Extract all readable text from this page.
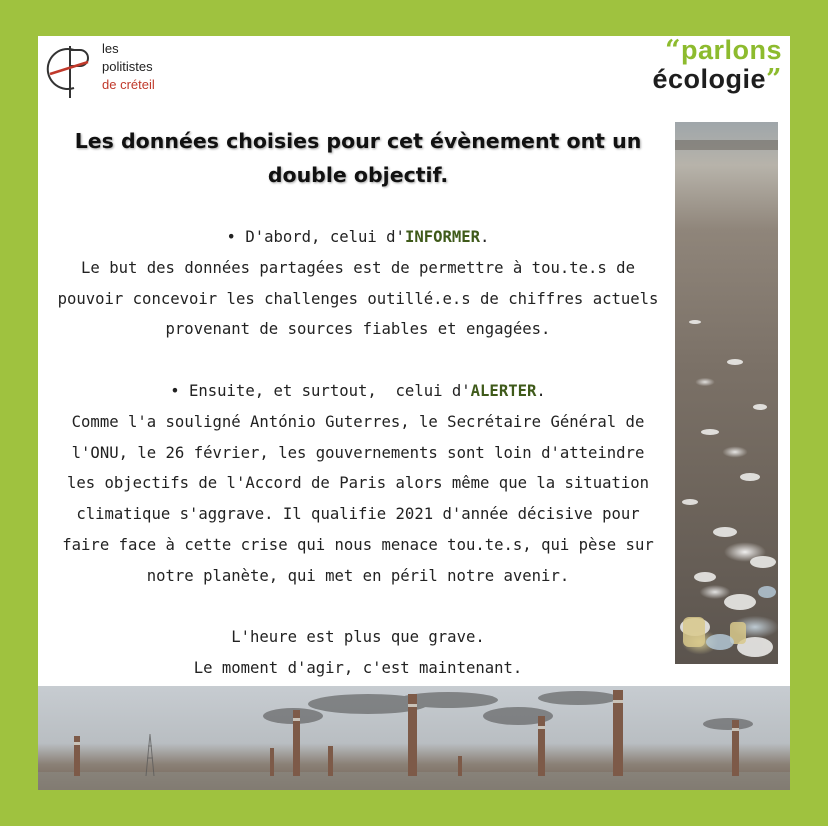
les
politistes
de créteil
“parlons
écologie”
Les données choisies pour cet évènement ont un
double objectif.

• D'abord, celui d'INFORMER.

Le but des données partagées est de permettre à tou.te.s de

pouvoir concevoir les challenges outillé.e.s de chiffres actuels

provenant de sources fiables et engagées.

• Ensuite, et surtout,  celui d'ALERTER.

Comme l'a souligné António Guterres, le Secrétaire Général de

l'ONU, le 26 février, les gouvernements sont loin d'atteindre

les objectifs de l'Accord de Paris alors même que la situation

climatique s'aggrave. Il qualifie 2021 d'année décisive pour

faire face à cette crise qui nous menace tou.te.s, qui pèse sur

notre planète, qui met en péril notre avenir.

L'heure est plus que grave.

Le moment d'agir, c'est maintenant.
